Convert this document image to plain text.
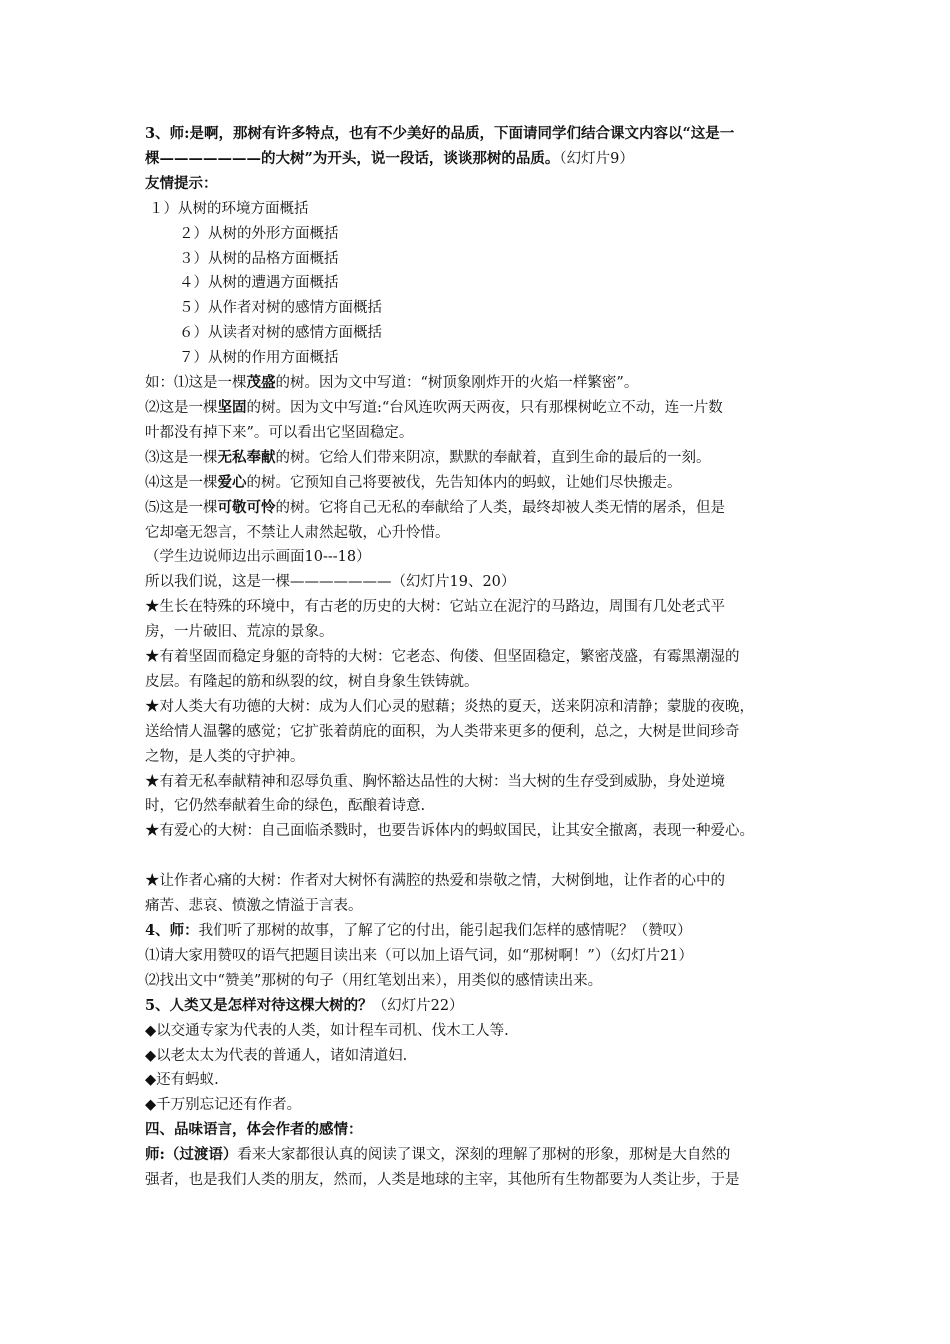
3、师:是啊，那树有许多特点，也有不少美好的品质，下面请同学们结合课文内容以“这是一
棵———————的大树”为开头，说一段话，谈谈那树的品质。（幻灯片9）
友情提示：
１）从树的环境方面概括
２）从树的外形方面概括
３）从树的品格方面概括
４）从树的遭遇方面概括
５）从作者对树的感情方面概括
６）从读者对树的感情方面概括
７）从树的作用方面概括
如：⑴这是一棵茂盛的树。因为文中写道：“树顶象刚炸开的火焰一样繁密”。
⑵这是一棵坚固的树。因为文中写道:“台风连吹两天两夜，只有那棵树屹立不动，连一片数
叶都没有掉下来”。可以看出它坚固稳定。
⑶这是一棵无私奉献的树。它给人们带来阴凉，默默的奉献着，直到生命的最后的一刻。
⑷这是一棵爱心的树。它预知自己将要被伐，先告知体内的蚂蚁，让她们尽快搬走。
⑸这是一棵可敬可怜的树。它将自己无私的奉献给了人类，最终却被人类无情的屠杀，但是
它却毫无怨言，不禁让人肃然起敬，心升怜惜。
（学生边说师边出示画面10---18）
所以我们说，这是一棵———————（幻灯片19、20）
★生长在特殊的环境中，有古老的历史的大树：它站立在泥泞的马路边，周围有几处老式平
房，一片破旧、荒凉的景象。
★有着坚固而稳定身躯的奇特的大树：它老态、佝偻、但坚固稳定，繁密茂盛，有霉黑潮湿的
皮层。有隆起的筋和纵裂的纹，树自身象生铁铸就。
★对人类大有功德的大树：成为人们心灵的慰藉；炎热的夏天，送来阴凉和清静；蒙胧的夜晚，
送给情人温馨的感觉；它扩张着荫庇的面积，为人类带来更多的便利，总之，大树是世间珍奇
之物，是人类的守护神。
★有着无私奉献精神和忍辱负重、胸怀豁达品性的大树：当大树的生存受到威胁，身处逆境
时，它仍然奉献着生命的绿色，酝酿着诗意.
★有爱心的大树：自己面临杀戮时，也要告诉体内的蚂蚁国民，让其安全撤离，表现一种爱心。
★让作者心痛的大树：作者对大树怀有满腔的热爱和崇敬之情，大树倒地，让作者的心中的
痛苦、悲哀、愤激之情溢于言表。
4、师：我们听了那树的故事，了解了它的付出，能引起我们怎样的感情呢？（赞叹）
⑴请大家用赞叹的语气把题目读出来（可以加上语气词，如“那树啊！”）（幻灯片21）
⑵找出文中“赞美”那树的句子（用红笔划出来），用类似的感情读出来。
5、人类又是怎样对待这棵大树的？（幻灯片22）
◆以交通专家为代表的人类，如计程车司机、伐木工人等.
◆以老太太为代表的普通人，诸如清道妇.
◆还有蚂蚁.
◆千万别忘记还有作者。
四、品味语言，体会作者的感情：
师:（过渡语）看来大家都很认真的阅读了课文，深刻的理解了那树的形象，那树是大自然的
强者，也是我们人类的朋友，然而，人类是地球的主宰，其他所有生物都要为人类让步，于是
